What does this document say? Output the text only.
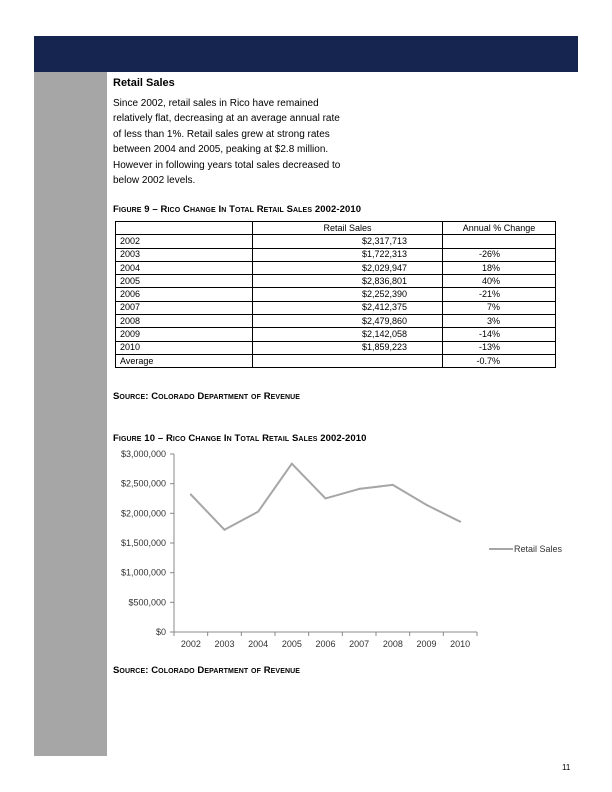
Retail Sales
Since 2002, retail sales in Rico have remained relatively flat, decreasing at an average annual rate of less than 1%. Retail sales grew at strong rates between 2004 and 2005, peaking at $2.8 million. However in following years total sales decreased to below 2002 levels.
Figure 9 – Rico Change In Total Retail Sales 2002-2010
	Retail Sales	Annual % Change
2002	$2,317,713	
2003	$1,722,313	-26%
2004	$2,029,947	18%
2005	$2,836,801	40%
2006	$2,252,390	-21%
2007	$2,412,375	7%
2008	$2,479,860	3%
2009	$2,142,058	-14%
2010	$1,859,223	-13%
Average		-0.7%
Source: Colorado Department of Revenue
Figure 10 – Rico Change In Total Retail Sales 2002-2010
$0
$500,000
$1,000,000
$1,500,000
$2,000,000
$2,500,000
$3,000,000
2002 2003 2004 2005 2006 2007 2008 2009 2010
Retail Sales
Source: Colorado Department of Revenue
11
